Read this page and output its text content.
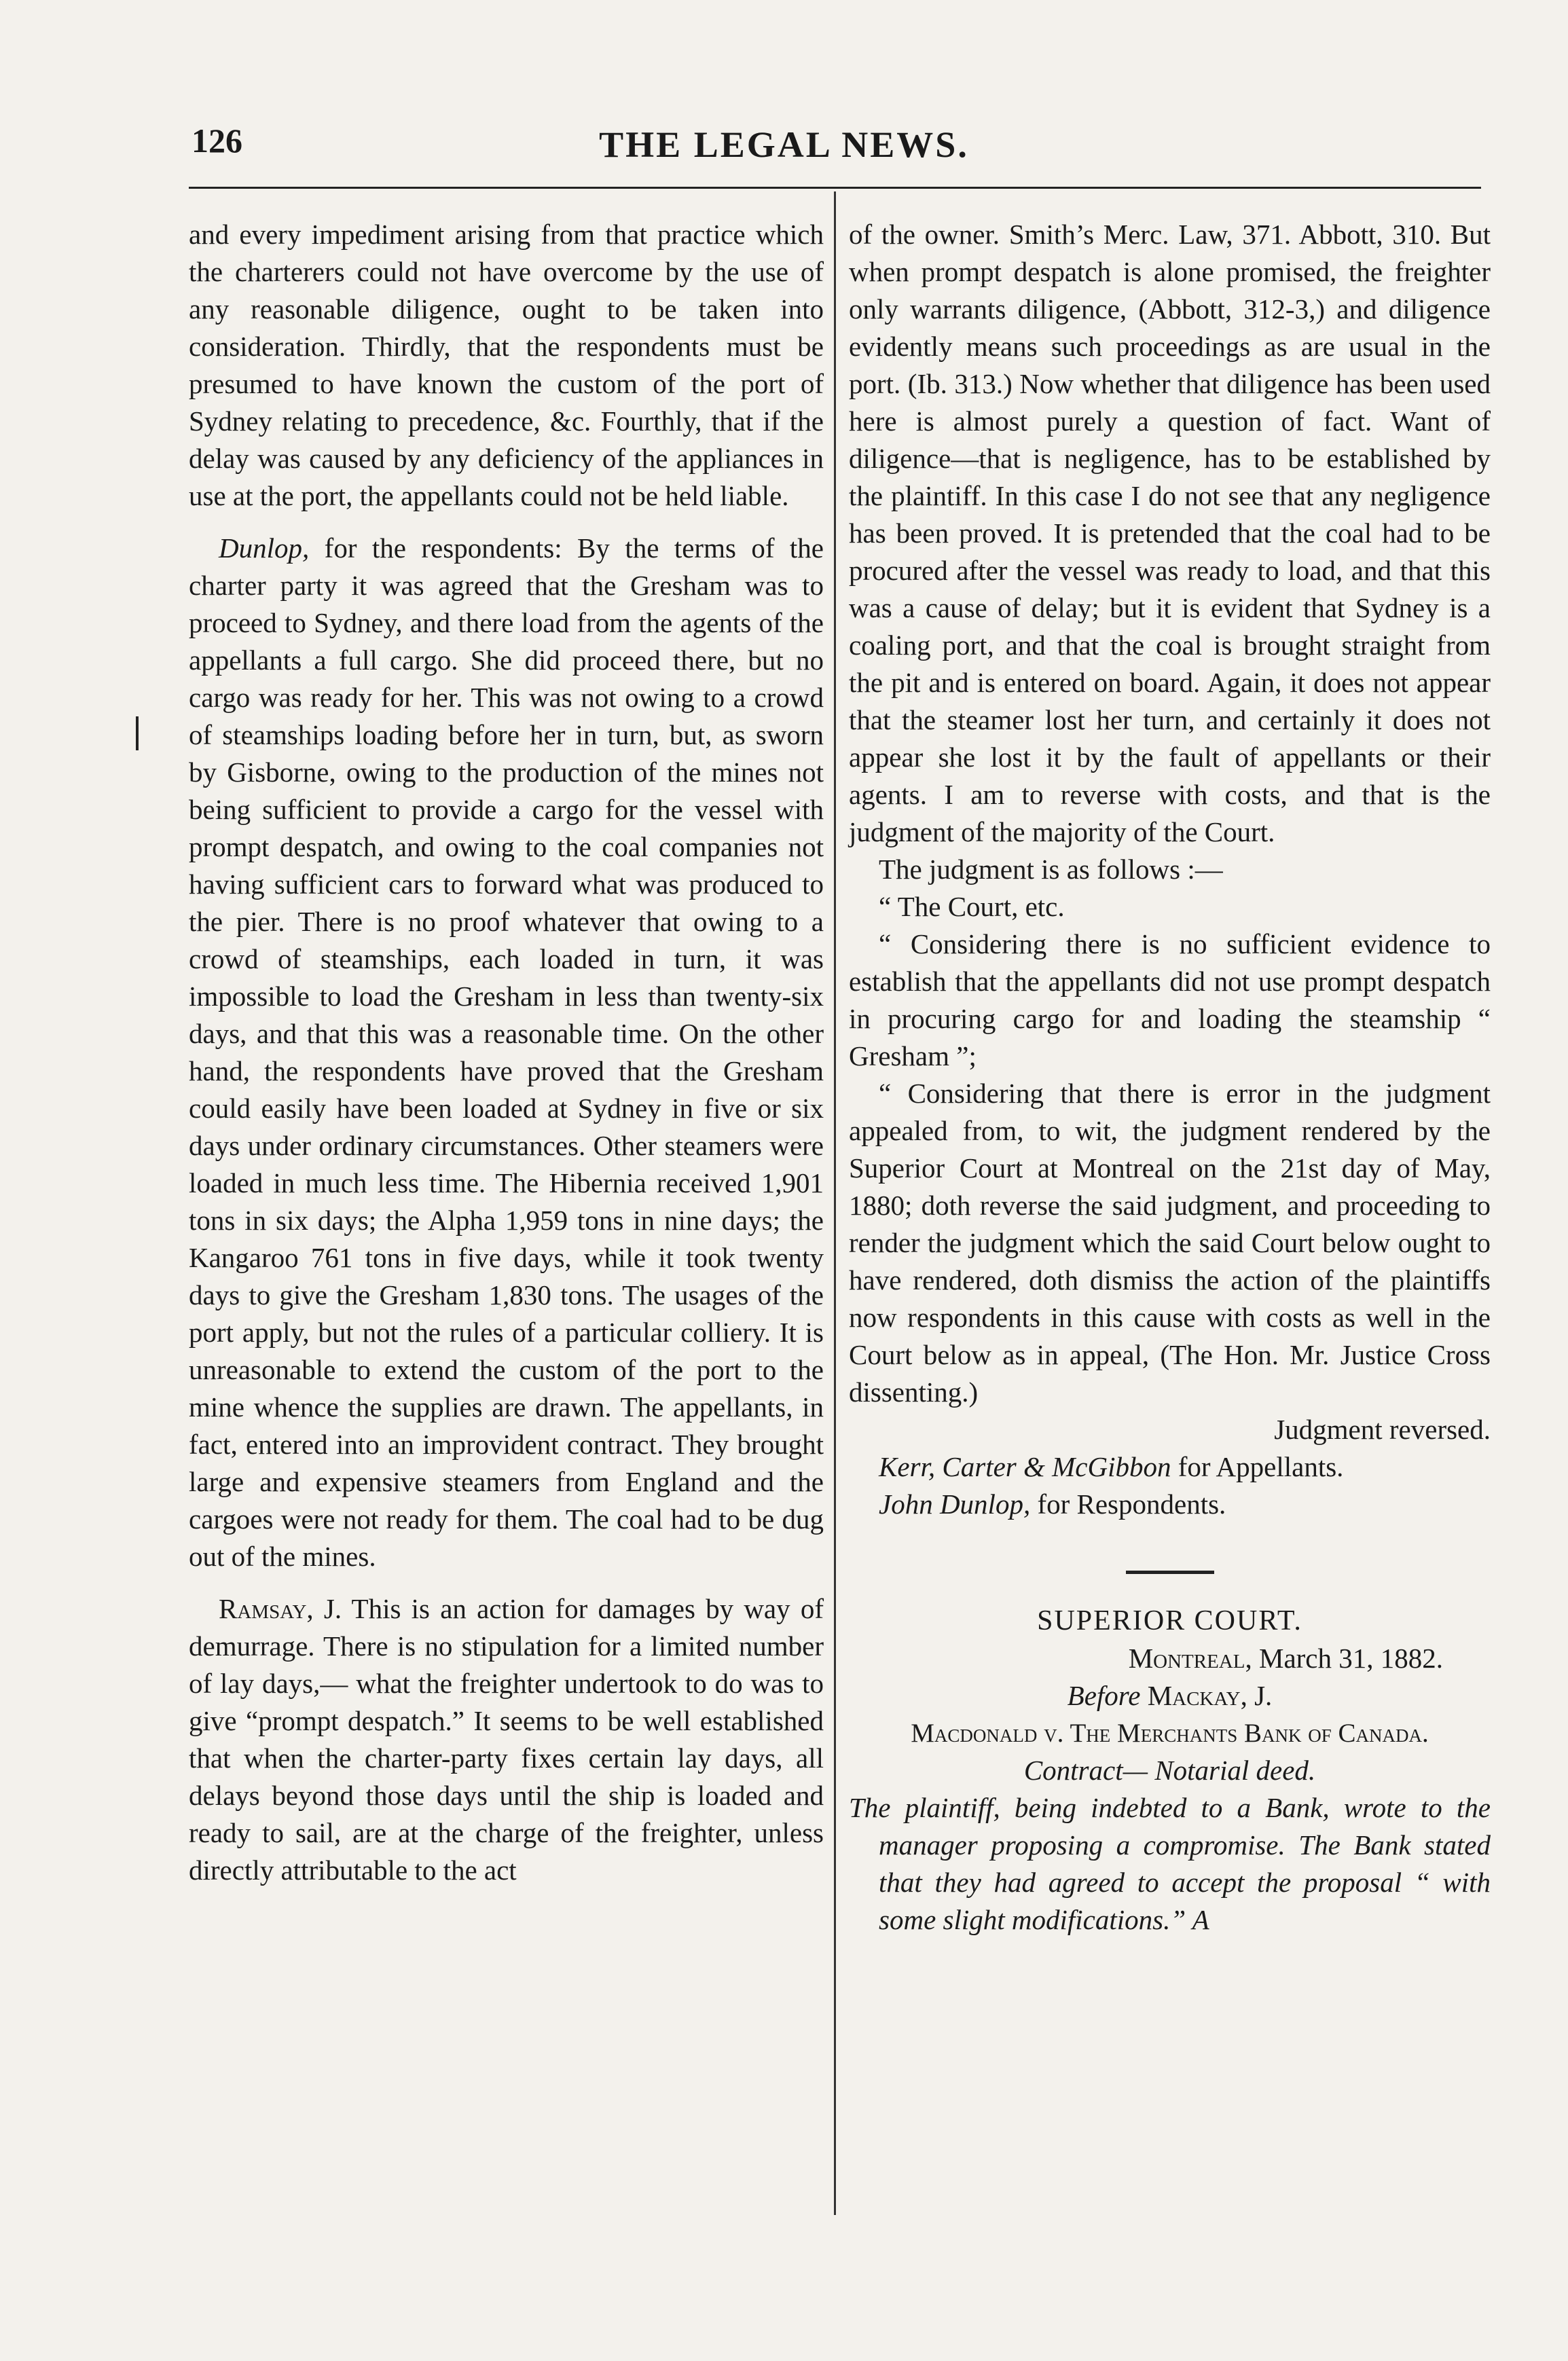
126	THE LEGAL NEWS.

and every impediment arising from that practice which the charterers could not have overcome by the use of any reasonable diligence, ought to be taken into consideration. Thirdly, that the respondents must be presumed to have known the custom of the port of Sydney relating to precedence, &c. Fourthly, that if the delay was caused by any deficiency of the appliances in use at the port, the appellants could not be held liable.

Dunlop, for the respondents: By the terms of the charter party it was agreed that the Gresham was to proceed to Sydney, and there load from the agents of the appellants a full cargo. She did proceed there, but no cargo was ready for her. This was not owing to a crowd of steamships loading before her in turn, but, as sworn by Gisborne, owing to the production of the mines not being sufficient to provide a cargo for the vessel with prompt despatch, and owing to the coal companies not having sufficient cars to forward what was produced to the pier. There is no proof whatever that owing to a crowd of steamships, each loaded in turn, it was impossible to load the Gresham in less than twenty-six days, and that this was a reasonable time. On the other hand, the respondents have proved that the Gresham could easily have been loaded at Sydney in five or six days under ordinary circumstances. Other steamers were loaded in much less time. The Hibernia received 1,901 tons in six days; the Alpha 1,959 tons in nine days; the Kangaroo 761 tons in five days, while it took twenty days to give the Gresham 1,830 tons. The usages of the port apply, but not the rules of a particular colliery. It is unreasonable to extend the custom of the port to the mine whence the supplies are drawn. The appellants, in fact, entered into an improvident contract. They brought large and expensive steamers from England and the cargoes were not ready for them. The coal had to be dug out of the mines.

Ramsay, J. This is an action for damages by way of demurrage. There is no stipulation for a limited number of lay days,— what the freighter undertook to do was to give “prompt despatch.” It seems to be well established that when the charter-party fixes certain lay days, all delays beyond those days until the ship is loaded and ready to sail, are at the charge of the freighter, unless directly attributable to the act

of the owner. Smith’s Merc. Law, 371. Abbott, 310. But when prompt despatch is alone promised, the freighter only warrants diligence, (Abbott, 312-3,) and diligence evidently means such proceedings as are usual in the port. (Ib. 313.) Now whether that diligence has been used here is almost purely a question of fact. Want of diligence—that is negligence, has to be established by the plaintiff. In this case I do not see that any negligence has been proved. It is pretended that the coal had to be procured after the vessel was ready to load, and that this was a cause of delay; but it is evident that Sydney is a coaling port, and that the coal is brought straight from the pit and is entered on board. Again, it does not appear that the steamer lost her turn, and certainly it does not appear she lost it by the fault of appellants or their agents. I am to reverse with costs, and that is the judgment of the majority of the Court.

The judgment is as follows :—

“ The Court, etc.

“ Considering there is no sufficient evidence to establish that the appellants did not use prompt despatch in procuring cargo for and loading the steamship “ Gresham ”;

“ Considering that there is error in the judgment appealed from, to wit, the judgment rendered by the Superior Court at Montreal on the 21st day of May, 1880; doth reverse the said judgment, and proceeding to render the judgment which the said Court below ought to have rendered, doth dismiss the action of the plaintiffs now respondents in this cause with costs as well in the Court below as in appeal, (The Hon. Mr. Justice Cross dissenting.)

Judgment reversed.

Kerr, Carter & McGibbon for Appellants.

John Dunlop, for Respondents.

SUPERIOR COURT.

Montreal, March 31, 1882.

Before Mackay, J.

Macdonald v. The Merchants Bank of Canada.

Contract— Notarial deed.

The plaintiff, being indebted to a Bank, wrote to the manager proposing a compromise. The Bank stated that they had agreed to accept the proposal “ with some slight modifications.” A
